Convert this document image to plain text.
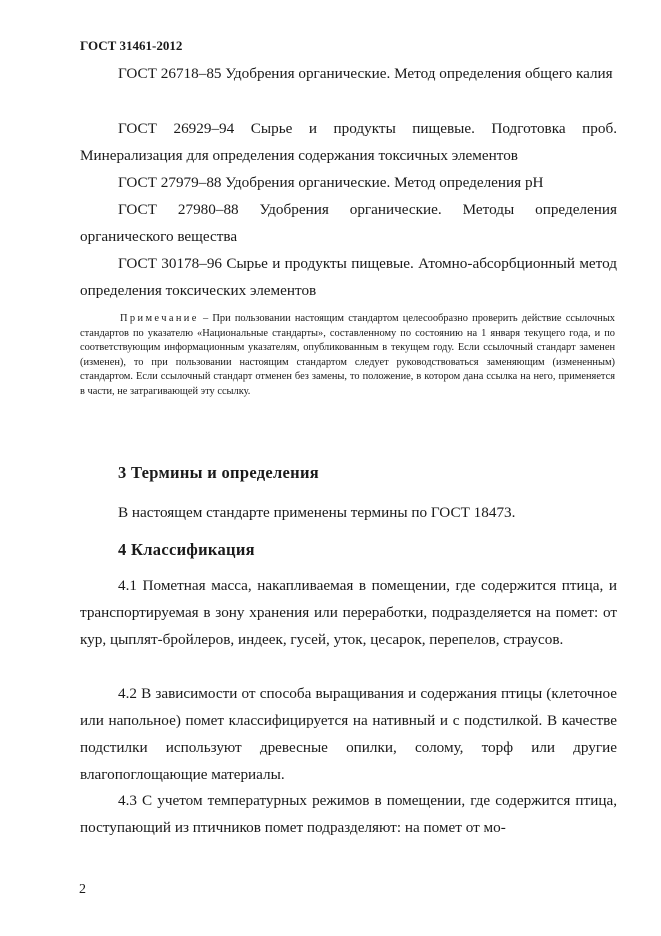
ГОСТ 31461-2012
ГОСТ 26718–85 Удобрения органические. Метод определения общего калия
ГОСТ 26929–94 Сырье и продукты пищевые. Подготовка проб. Минерализация для определения содержания токсичных элементов
ГОСТ 27979–88 Удобрения органические. Метод определения рН
ГОСТ 27980–88 Удобрения органические. Методы определения органического вещества
ГОСТ 30178–96 Сырье и продукты пищевые. Атомно-абсорбционный метод определения токсических элементов
Примечание – При пользовании настоящим стандартом целесообразно проверить действие ссылочных стандартов по указателю «Национальные стандарты», составленному по состоянию на 1 января текущего года, и по соответствующим информационным указателям, опубликованным в текущем году. Если ссылочный стандарт заменен (изменен), то при пользовании настоящим стандартом следует руководствоваться заменяющим (измененным) стандартом. Если ссылочный стандарт отменен без замены, то положение, в котором дана ссылка на него, применяется в части, не затрагивающей эту ссылку.
3 Термины и определения
В настоящем стандарте применены термины по ГОСТ 18473.
4 Классификация
4.1 Пометная масса, накапливаемая в помещении, где содержится птица, и транспортируемая в зону хранения или переработки, подразделяется на помет: от кур, цыплят-бройлеров, индеек, гусей, уток, цесарок, перепелов, страусов.
4.2 В зависимости от способа выращивания и содержания птицы (клеточное или напольное) помет классифицируется на нативный и с подстилкой. В качестве подстилки используют древесные опилки, солому, торф или другие влагопоглощающие материалы.
4.3 С учетом температурных режимов в помещении, где содержится птица, поступающий из птичников помет подразделяют: на помет от мо-
2
